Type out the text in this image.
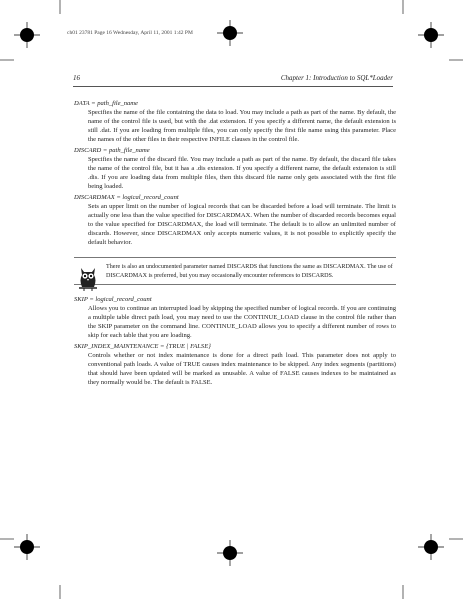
ch01 23781 Page 16 Wednesday, April 11, 2001 1:42 PM
16	Chapter 1: Introduction to SQL*Loader
DATA = path_file_name

Specifies the name of the file containing the data to load. You may include a path as part of the name. By default, the name of the control file is used, but with the .dat extension. If you specify a different name, the default extension is still .dat. If you are loading from multiple files, you can only specify the first file name using this parameter. Place the names of the other files in their respective INFILE clauses in the control file.

DISCARD = path_file_name

Specifies the name of the discard file. You may include a path as part of the name. By default, the discard file takes the name of the control file, but it has a .dis extension. If you specify a different name, the default extension is still .dis. If you are loading data from multiple files, then this discard file name only gets associated with the first file being loaded.

DISCARDMAX = logical_record_count

Sets an upper limit on the number of logical records that can be discarded before a load will terminate. The limit is actually one less than the value specified for DISCARDMAX. When the number of discarded records becomes equal to the value specified for DISCARDMAX, the load will terminate. The default is to allow an unlimited number of discards. However, since DISCARDMAX only accepts numeric values, it is not possible to explicitly specify the default behavior.

There is also an undocumented parameter named DISCARDS that functions the same as DISCARDMAX. The use of DISCARDMAX is preferred, but you may occasionally encounter references to DISCARDS.
SKIP = logical_record_count

Allows you to continue an interrupted load by skipping the specified number of logical records. If you are continuing a multiple table direct path load, you may need to use the CONTINUE_LOAD clause in the control file rather than the SKIP parameter on the command line. CONTINUE_LOAD allows you to specify a different number of rows to skip for each table that you are loading.

SKIP_INDEX_MAINTENANCE = {TRUE | FALSE}

Controls whether or not index maintenance is done for a direct path load. This parameter does not apply to conventional path loads. A value of TRUE causes index maintenance to be skipped. Any index segments (partitions) that should have been updated will be marked as unusable. A value of FALSE causes indexes to be maintained as they normally would be. The default is FALSE.
